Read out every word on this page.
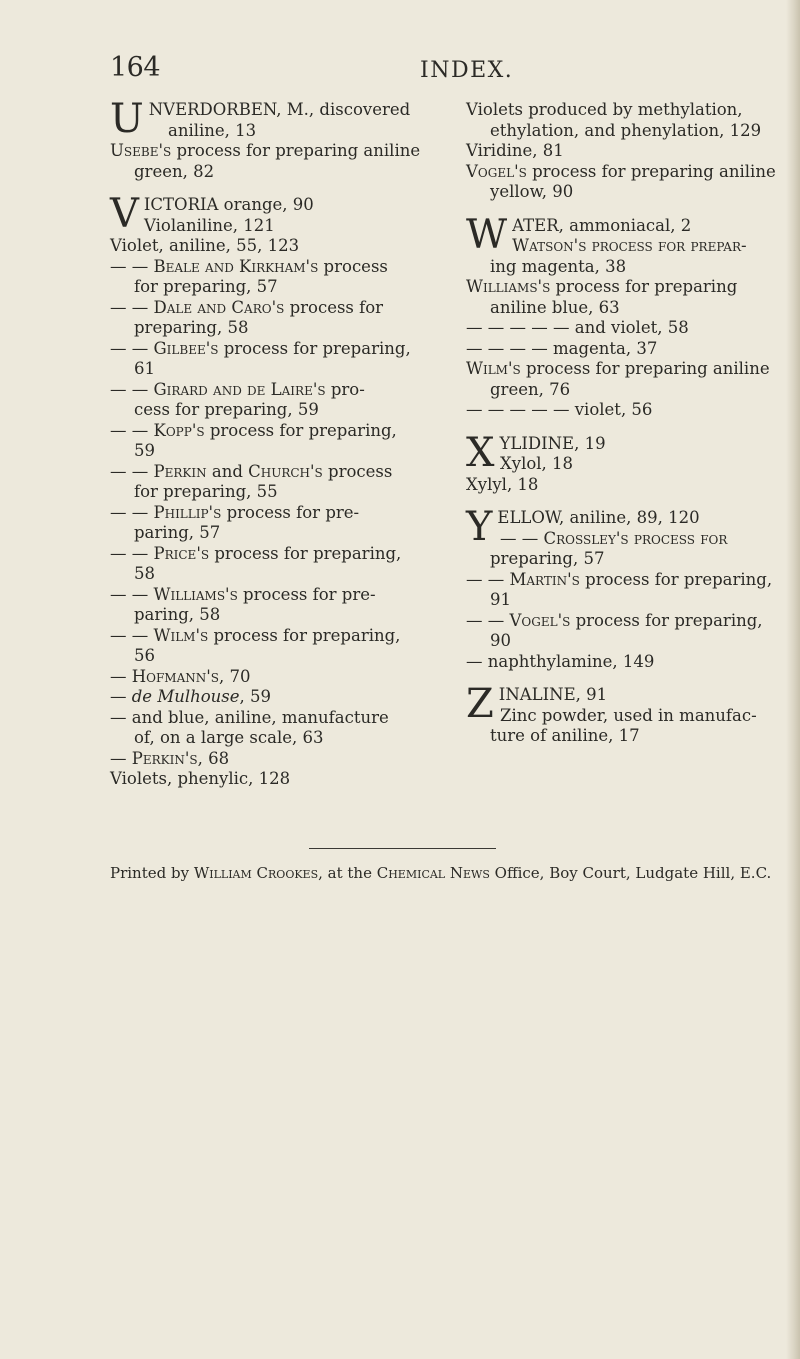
164	INDEX.
U NVERDORBEN, M., discovered
aniline, 13
Usebe's process for preparing aniline
green, 82
V ICTORIA orange, 90
Violaniline, 121
Violet, aniline, 55, 123
— — Beale and Kirkham's process
for preparing, 57
— — Dale and Caro's process for
preparing, 58
— — Gilbee's process for preparing,
61
— — Girard and de Laire's pro-
cess for preparing, 59
— — Kopp's process for preparing,
59
— — Perkin and Church's process
for preparing, 55
— — Phillip's process for pre-
paring, 57
— — Price's process for preparing,
58
— — Williams's process for pre-
paring, 58
— — Wilm's process for preparing,
56
— Hofmann's, 70
— de Mulhouse, 59
— and blue, aniline, manufacture
of, on a large scale, 63
— Perkin's, 68
Violets, phenylic, 128
Violets produced by methylation,
ethylation, and phenylation, 129
Viridine, 81
Vogel's process for preparing aniline
yellow, 90
W ATER, ammoniacal, 2
Watson's process for prepar-
ing magenta, 38
Williams's process for preparing
aniline blue, 63
— — — — — and violet, 58
— — — — magenta, 37
Wilm's process for preparing aniline
green, 76
— — — — — violet, 56
X YLIDINE, 19
Xylol, 18
Xylyl, 18
Y ELLOW, aniline, 89, 120
— — Crossley's process for
preparing, 57
— — Martin's process for preparing,
91
— — Vogel's process for preparing,
90
— naphthylamine, 149
Z INALINE, 91
Zinc powder, used in manufac-
ture of aniline, 17
Printed by William Crookes, at the Chemical News Office, Boy Court, Ludgate Hill, E.C.
